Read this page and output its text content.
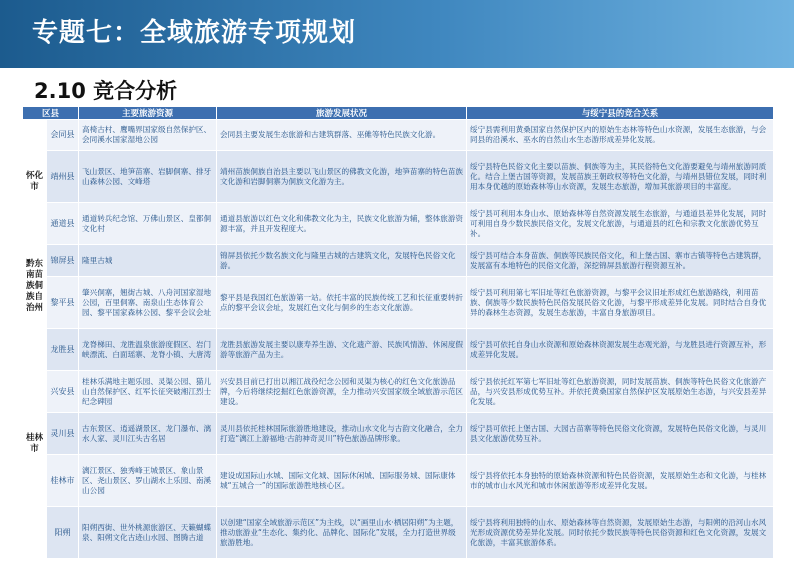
专题七：全域旅游专项规划
2.10 竞合分析
区县		主要旅游资源	旅游发展状况	与绥宁县的竞合关系
怀化市	会同县	高椅古村、鹰嘴界国家级自然保护区、会同溪水国家湿地公园	会同县主要发展生态旅游和古建筑群落、巫傩等特色民族文化游。	绥宁县需利用黄桑国家自然保护区内的原始生态林等特色山水资源，发展生态旅游，与会同县的沿溪水、巫水的自然山水生态游形成差异化发展。
	靖州县	飞山景区、地笋苗寨、岩脚侗寨、排牙山森林公园、文峰塔	靖州苗族侗族自治县主要以飞山景区的佛教文化游，地笋苗寨的特色苗族文化游和岩脚侗寨为侗族文化游为主。	绥宁县特色民俗文化主要以苗族、侗族等为主，其民俗特色文化游要避免与靖州旅游同质化。结合上堡古国等资源，发展苗族王朝政权等特色文化游，与靖州县错位发展，同时利用本身优越的原始森林等山水资源，发展生态旅游，增加其旅游项目的丰富度。
	通道县	通道转兵纪念馆、万佛山景区、皇都侗文化村	通道县旅游以红色文化和佛教文化为主，民族文化旅游为辅，整体旅游资源丰富，并且开发程度大。	绥宁县可利用本身山水、原始森林等自然资源发展生态旅游，与通道县差异化发展，同时可利用自身少数民族民俗文化，发展文化旅游，与通道县的红色和宗教文化旅游优势互补。
黔东南苗族侗族自治州	锦屏县	隆里古城	锦屏县依托少数名族文化与隆里古城的古建筑文化，发展特色民俗文化游。	绥宁县可结合本身苗族、侗族等民族民俗文化，和上堡古国、寨市古镇等特色古建筑群，发展富有本地特色的民俗文化游，深挖锦屏县旅游行程资源互补。
	黎平县	肇兴侗寨，翘街古城、八舟河国家湿地公园，百里侗寨、南泉山生态体育公园、黎平国家森林公园、黎平会议会址	黎平县是我国红色旅游第一站。依托丰富的民族传统工艺和长征重要转折点的黎平会议会址，发展红色文化与侗乡的生态文化旅游。	绥宁县可利用第七军旧址等红色旅游资源，与黎平会议旧址形成红色旅游路线，利用苗族、侗族等少数民族特色民俗发展民俗文化游，与黎平形成差异化发展。同时结合自身优异的森林生态资源，发展生态旅游，丰富自身旅游项目。
桂林市	龙胜县	龙脊梯田、龙胜温泉旅游度假区、岩门峡漂流、白面瑶寨、龙脊小镇、大唐湾	龙胜县旅游发展主要以康寿养生游、文化遗产游、民族风情游、休闲度假游等旅游产品为主。	绥宁县可依托自身山水资源和原始森林资源发展生态观光游，与龙胜县进行资源互补，形成差异化发展。
	兴安县	桂林乐满地主题乐园、灵渠公园、猫儿山自然保护区、红军长征突破湘江烈士纪念碑园	兴安县目前已打出以湘江战役纪念公园和灵渠为核心的红色文化旅游品牌，今后将继续挖掘红色旅游资源，全力推动兴安国家级全域旅游示范区建设。	绥宁县依托红军第七军旧址等红色旅游资源，同时发展苗族、侗族等特色民俗文化旅游产品，与兴安县形成优势互补。并依托黄桑国家自然保护区发展原始生态游，与兴安县差异化发展。
	灵川县	古东景区、逍遥湖景区、龙门瀑布、漓水人家、灵川江头古名居	灵川县依托桂林国际旅游胜地建设，推动山水文化与古韵文化融合，全力打造“漓江上游福地·古韵神奇灵川”特色旅游品牌形象。	绥宁县可依托上堡古国、大园古苗寨等特色民俗文化资源，发展特色民俗文化游，与灵川县文化旅游优势互补。
	桂林市	漓江景区、独秀峰王城景区、象山景区、尧山景区、罗山湖水上乐园、南溪山公园	建设成国际山水城、国际文化城、国际休闲城、国际服务城、国际康体城“五城合一”的国际旅游胜地核心区。	绥宁县将依托本身独特的原始森林资源和特色民俗资源，发展原始生态和文化游，与桂林市的城市山水风光和城市休闲旅游等形成差异化发展。
	阳朔	阳朔西街、世外桃源旅游区、天籁蝴蝶泉、阳朔文化古迹山水园、图腾古道	以创建“国家全域旅游示范区”为主线，以“画里山水·栖居阳朔”为主题，推动旅游业“生态化、集约化、品牌化、国际化”发展，全力打造世界级旅游胜地。	绥宁县将利用独特的山水、原始森林等自然资源，发展原始生态游，与阳朔的沿河山水风光形成资源优势差异化发展。同时依托少数民族等特色民俗资源和红色文化资源，发展文化旅游，丰富其旅游体系。
